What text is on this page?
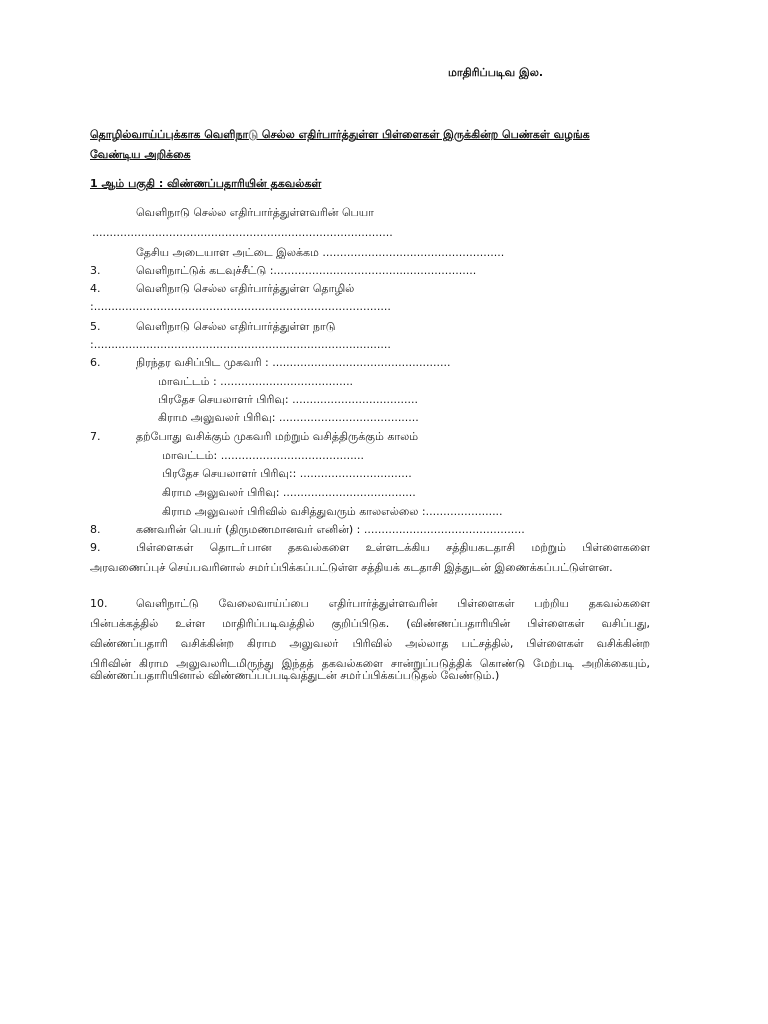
மாதிரிப்படிவ இல.
தொழில்வாய்ப்புக்காக வெளிநாடு செல்ல எதிர்பார்த்துள்ள பிள்ளைகள் இருக்கின்ற பெண்கள் வழங்க
வேண்டிய அறிக்கை
1 ஆம் பகுதி : விண்ணப்பதாரியின் தகவல்கள்
வெளிநாடு செல்ல எதிர்பார்த்துள்ளவரின் பெயா
......................................................................................
தேசிய அடையாள அட்டை இலக்கம ....................................................
3.	வெளிநாட்டுக் கடவுச்சீட்டு :..........................................................
4.	வெளிநாடு செல்ல எதிர்பார்த்துள்ள தொழில்
:.....................................................................................
5.	வெளிநாடு செல்ல எதிர்பார்த்துள்ள நாடு
:.....................................................................................
6.	நிரந்தர வசிப்பிட முகவரி : ...................................................
மாவட்டம் : ......................................
பிரதேச செயலாளர் பிரிவு: ....................................
கிராம அலுவலர் பிரிவு: ........................................
7.	தற்போது வசிக்கும் முகவரி மற்றும் வசித்திருக்கும் காலம்
மாவட்டம்: .........................................
பிரதேச செயலாளர் பிரிவு:: ................................
கிராம அலுவலர் பிரிவு: ......................................
கிராம அலுவலர் பிரிவில் வசித்துவரும் காலஎல்லை :......................
8.	கணவரின் பெயர் (திருமணமானவர் எனின்) : ..............................................
9.	பிள்ளைகள் தொடா்பான தகவல்களை உள்ளடக்கிய சத்தியகடதாசி மற்றும் பிள்ளைகளை
அரவணைப்புச் செய்பவரினால் சமா்ப்பிக்கப்பட்டுள்ள சத்தியக் கடதாசி இத்துடன் இணைக்கப்பட்டுள்ளன.
10.	வெளிநாட்டு வேலைவாய்ப்பை எதிர்பார்த்துள்ளவரின் பிள்ளைகள் பற்றிய தகவல்களை
பின்பக்கத்தில் உள்ள மாதிரிப்படிவத்தில் குறிப்பிடுக. (விண்ணப்பதாரியின் பிள்ளைகள் வசிப்பது,
விண்ணப்பதாரி வசிக்கின்ற கிராம அலுவலா் பிரிவில் அல்லாத பட்சத்தில், பிள்ளைகள் வசிக்கின்ற
பிரிவின் கிராம அலுவலரிடமிருந்து இந்தத் தகவல்களை சான்றுப்படுத்திக் கொண்டு மேற்படி அறிக்கையும்,
விண்ணப்பதாரியினால் விண்ணப்பப்படிவத்துடன் சமா்ப்பிக்கப்படுதல் வேண்டும்.)
